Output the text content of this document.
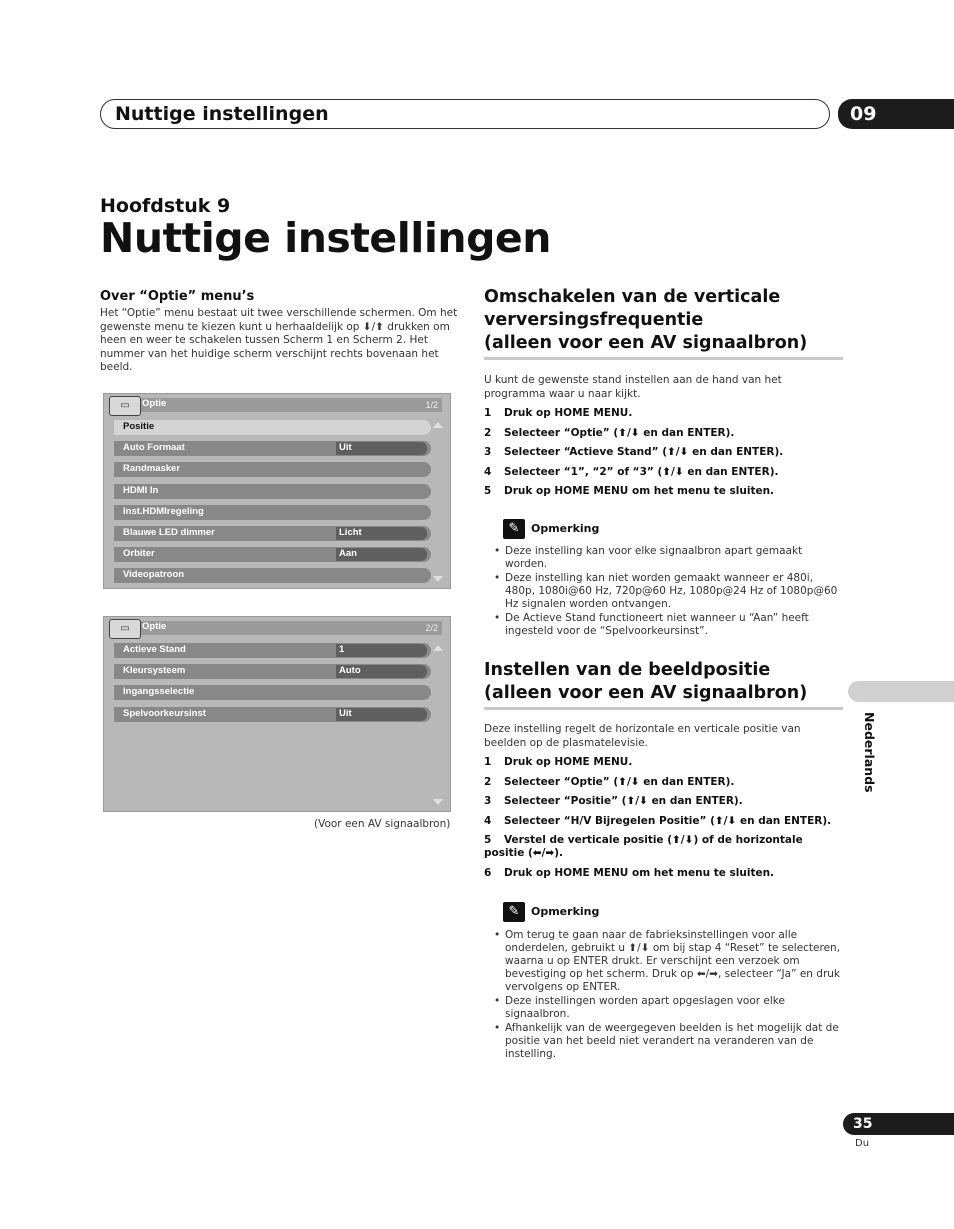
Nuttige instellingen	09
Hoofdstuk 9
Nuttige instellingen
Over “Optie” menu’s
Het “Optie” menu bestaat uit twee verschillende schermen. Om het gewenste menu te kiezen kunt u herhaaldelijk op ⬇/⬆ drukken om heen en weer te schakelen tussen Scherm 1 en Scherm 2. Het nummer van het huidige scherm verschijnt rechts bovenaan het beeld.
▭	Optie	1/2
Positie
Auto Formaat	Uit
Randmasker
HDMI In
Inst.HDMIregeling
Blauwe LED dimmer	Licht
Orbiter	Aan
Videopatroon
▭	Optie	2/2
Actieve Stand	1
Kleursysteem	Auto
Ingangsselectie
Spelvoorkeursinst	Uit
(Voor een AV signaalbron)
Omschakelen van de verticale
verversingsfrequentie
(alleen voor een AV signaalbron)
U kunt de gewenste stand instellen aan de hand van het programma waar u naar kijkt.
1 Druk op HOME MENU.
2 Selecteer “Optie” (⬆/⬇ en dan ENTER).
3 Selecteer “Actieve Stand” (⬆/⬇ en dan ENTER).
4 Selecteer “1”, “2” of “3” (⬆/⬇ en dan ENTER).
5 Druk op HOME MENU om het menu te sluiten.
✎ Opmerking
• Deze instelling kan voor elke signaalbron apart gemaakt worden.
• Deze instelling kan niet worden gemaakt wanneer er 480i, 480p, 1080i@60 Hz, 720p@60 Hz, 1080p@24 Hz of 1080p@60 Hz signalen worden ontvangen.
• De Actieve Stand functioneert niet wanneer u “Aan” heeft ingesteld voor de “Spelvoorkeursinst”.
Instellen van de beeldpositie
(alleen voor een AV signaalbron)
Deze instelling regelt de horizontale en verticale positie van beelden op de plasmatelevisie.
1 Druk op HOME MENU.
2 Selecteer “Optie” (⬆/⬇ en dan ENTER).
3 Selecteer “Positie” (⬆/⬇ en dan ENTER).
4 Selecteer “H/V Bijregelen Positie” (⬆/⬇ en dan ENTER).
5 Verstel de verticale positie (⬆/⬇) of de horizontale positie (⬅/➡).
6 Druk op HOME MENU om het menu te sluiten.
✎ Opmerking
• Om terug te gaan naar de fabrieksinstellingen voor alle onderdelen, gebruikt u ⬆/⬇ om bij stap 4 “Reset” te selecteren, waarna u op ENTER drukt. Er verschijnt een verzoek om bevestiging op het scherm. Druk op ⬅/➡, selecteer “Ja” en druk vervolgens op ENTER.
• Deze instellingen worden apart opgeslagen voor elke signaalbron.
• Afhankelijk van de weergegeven beelden is het mogelijk dat de positie van het beeld niet verandert na veranderen van de instelling.
Nederlands
35
Du
